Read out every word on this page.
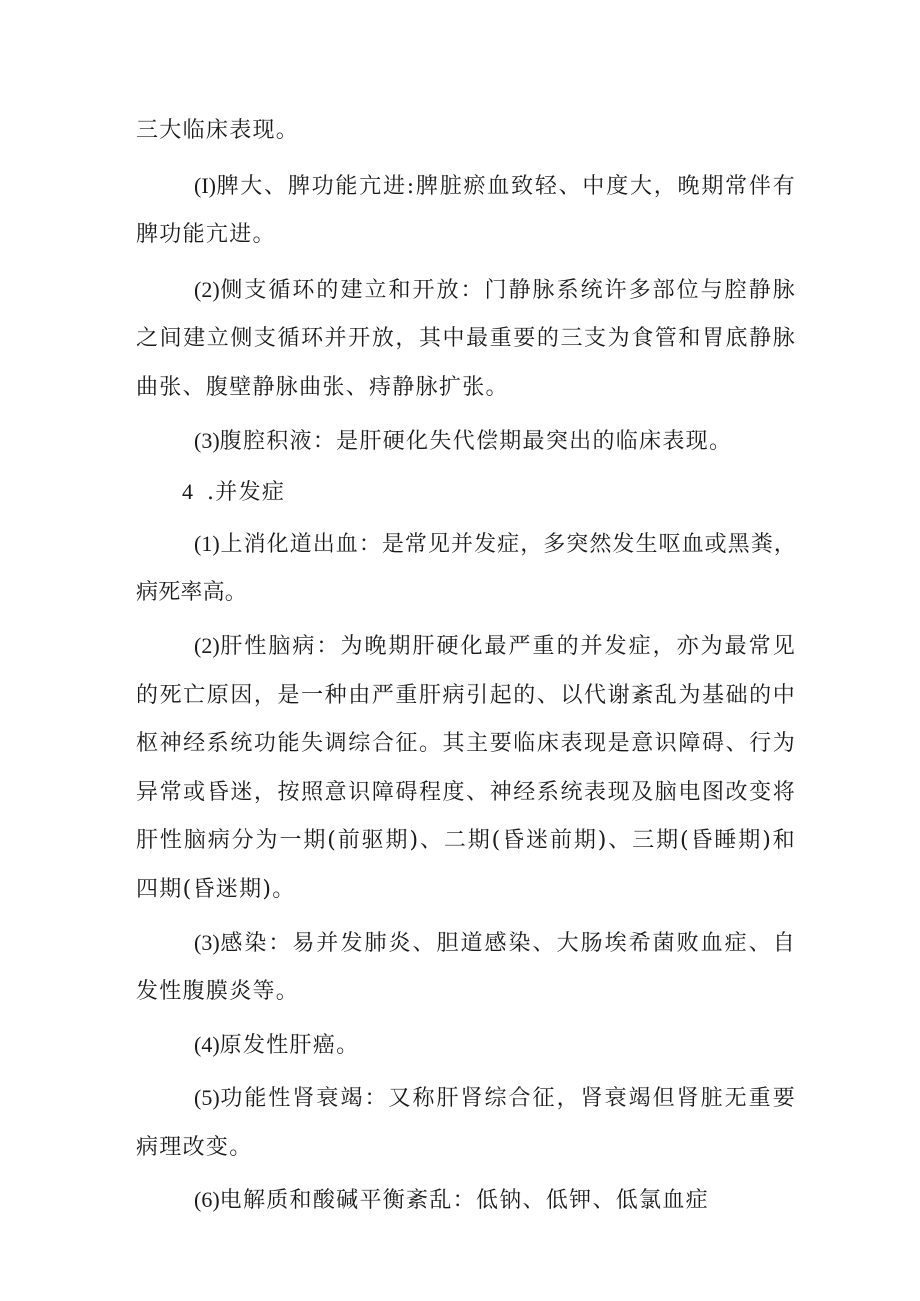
三大临床表现。

(I)脾大、脾功能亢进:脾脏瘀血致轻、中度大，晚期常伴有脾功能亢进。

(2)侧支循环的建立和开放：门静脉系统许多部位与腔静脉之间建立侧支循环并开放，其中最重要的三支为食管和胃底静脉曲张、腹壁静脉曲张、痔静脉扩张。

(3)腹腔积液：是肝硬化失代偿期最突出的临床表现。

4 .并发症

(1)上消化道出血：是常见并发症，多突然发生呕血或黑粪，病死率高。

(2)肝性脑病：为晚期肝硬化最严重的并发症，亦为最常见的死亡原因，是一种由严重肝病引起的、以代谢紊乱为基础的中枢神经系统功能失调综合征。其主要临床表现是意识障碍、行为异常或昏迷，按照意识障碍程度、神经系统表现及脑电图改变将肝性脑病分为一期(前驱期)、二期(昏迷前期)、三期(昏睡期)和四期(昏迷期)。

(3)感染：易并发肺炎、胆道感染、大肠埃希菌败血症、自发性腹膜炎等。

(4)原发性肝癌。

(5)功能性肾衰竭：又称肝肾综合征，肾衰竭但肾脏无重要病理改变。

(6)电解质和酸碱平衡紊乱：低钠、低钾、低氯血症
